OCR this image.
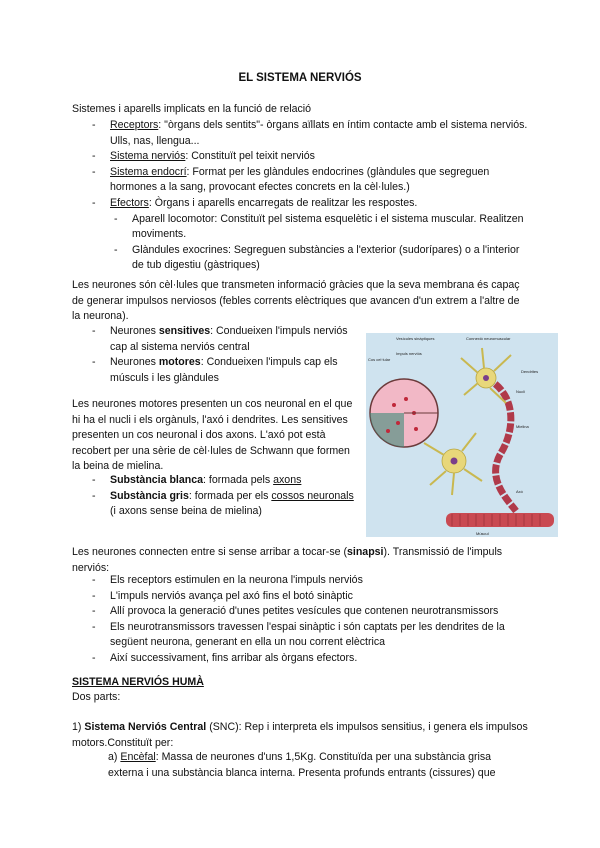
EL SISTEMA NERVIÓS
Sistemes i aparells implicats en la funció de relació
- Receptors: "òrgans dels sentits"- òrgans aïllats en íntim contacte amb el sistema nerviós. Ulls, nas, llengua...
- Sistema nerviós: Constituït pel teixit nerviós
- Sistema endocrí: Format per les glàndules endocrines (glàndules que segreguen hormones a la sang, provocant efectes concrets en la cèl·lules.)
- Efectors: Òrgans i aparells encarregats de realitzar les respostes.
- Aparell locomotor: Constituït pel sistema esquelètic i el sistema muscular. Realitzen moviments.
- Glàndules exocrines: Segreguen substàncies a l'exterior (sudorípares) o a l'interior de tub digestiu (gàstriques)
Les neurones són cèl·lules que transmeten informació gràcies que la seva membrana és capaç de generar impulsos nerviosos (febles corrents elèctriques que avancen d'un extrem a l'altre de la neurona).
- Neurones sensitives: Condueixen l'impuls nerviós cap al sistema nerviós central
- Neurones motores: Condueixen l'impuls cap els músculs i les glàndules
Les neurones motores presenten un cos neuronal en el que hi ha el nucli i els orgànuls, l'axó i dendrites. Les sensitives presenten un cos neuronal i dos axons. L'axó pot està recobert per una sèrie de cèl·lules de Schwann que formen la beina de mielina.
- Substància blanca: formada pels axons
- Substància gris: formada per els cossos neuronals (i axons sense beina de mielina)
Vesícules sinàptiques	Connexió neuromuscular
Impuls nerviós
Dendrites
Cos cel·lular
Nucli
Mielina
Axó
Múscul
Les neurones connecten entre si sense arribar a tocar-se (sinapsi). Transmissió de l'impuls nerviós:
- Els receptors estimulen en la neurona l'impuls nerviós
- L'impuls nerviós avança pel axó fins el botó sinàptic
- Allí provoca la generació d'unes petites vesícules que contenen neurotransmissors
- Els neurotransmissors travessen l'espai sinàptic i són captats per les dendrites de la següent neurona, generant en ella un nou corrent elèctrica
- Així successivament, fins arribar als òrgans efectors.
SISTEMA NERVIÓS HUMÀ
Dos parts:
1) Sistema Nerviós Central (SNC): Rep i interpreta els impulsos sensitius, i genera els impulsos motors.Constituït per:
a) Encèfal: Massa de neurones d'uns 1,5Kg. Constituïda per una substància grisa externa i una substància blanca interna. Presenta profunds entrants (cissures) que
